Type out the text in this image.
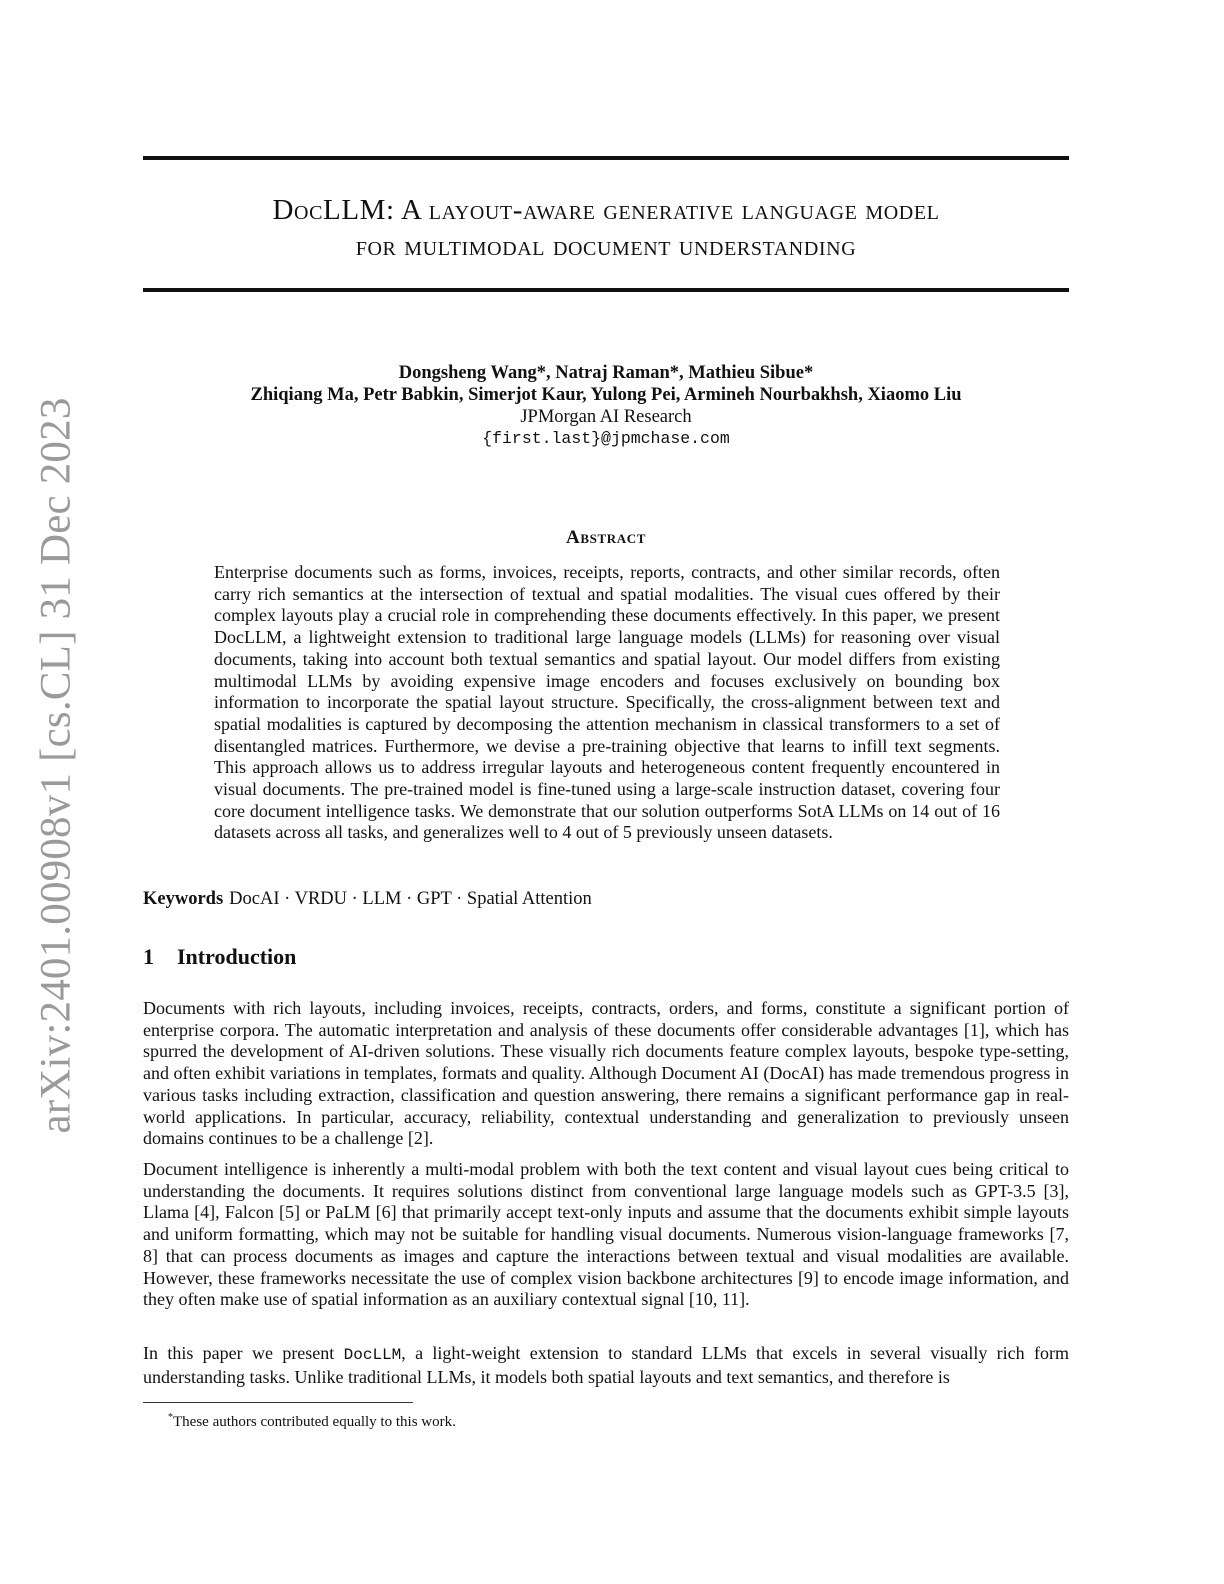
arXiv:2401.00908v1 [cs.CL] 31 Dec 2023
DocLLM: A layout-aware generative language model
for multimodal document understanding
Dongsheng Wang*, Natraj Raman*, Mathieu Sibue*
Zhiqiang Ma, Petr Babkin, Simerjot Kaur, Yulong Pei, Armineh Nourbakhsh, Xiaomo Liu
JPMorgan AI Research
{first.last}@jpmchase.com
Abstract

Enterprise documents such as forms, invoices, receipts, reports, contracts, and other similar records, often carry rich semantics at the intersection of textual and spatial modalities. The visual cues offered by their complex layouts play a crucial role in comprehending these documents effectively. In this paper, we present DocLLM, a lightweight extension to traditional large language models (LLMs) for reasoning over visual documents, taking into account both textual semantics and spatial layout. Our model differs from existing multimodal LLMs by avoiding expensive image encoders and focuses exclusively on bounding box information to incorporate the spatial layout structure. Specifically, the cross-alignment between text and spatial modalities is captured by decomposing the attention mechanism in classical transformers to a set of disentangled matrices. Furthermore, we devise a pre-training objective that learns to infill text segments. This approach allows us to address irregular layouts and heterogeneous content frequently encountered in visual documents. The pre-trained model is fine-tuned using a large-scale instruction dataset, covering four core document intelligence tasks. We demonstrate that our solution outperforms SotA LLMs on 14 out of 16 datasets across all tasks, and generalizes well to 4 out of 5 previously unseen datasets.

Keywords DocAI · VRDU · LLM · GPT · Spatial Attention
1 Introduction

Documents with rich layouts, including invoices, receipts, contracts, orders, and forms, constitute a significant portion of enterprise corpora. The automatic interpretation and analysis of these documents offer considerable advantages [1], which has spurred the development of AI-driven solutions. These visually rich documents feature complex layouts, bespoke type-setting, and often exhibit variations in templates, formats and quality. Although Document AI (DocAI) has made tremendous progress in various tasks including extraction, classification and question answering, there remains a significant performance gap in real-world applications. In particular, accuracy, reliability, contextual understanding and generalization to previously unseen domains continues to be a challenge [2].

Document intelligence is inherently a multi-modal problem with both the text content and visual layout cues being critical to understanding the documents. It requires solutions distinct from conventional large language models such as GPT-3.5 [3], Llama [4], Falcon [5] or PaLM [6] that primarily accept text-only inputs and assume that the documents exhibit simple layouts and uniform formatting, which may not be suitable for handling visual documents. Numerous vision-language frameworks [7, 8] that can process documents as images and capture the interactions between textual and visual modalities are available. However, these frameworks necessitate the use of complex vision backbone architectures [9] to encode image information, and they often make use of spatial information as an auxiliary contextual signal [10, 11].

In this paper we present DocLLM, a light-weight extension to standard LLMs that excels in several visually rich form understanding tasks. Unlike traditional LLMs, it models both spatial layouts and text semantics, and therefore is

*These authors contributed equally to this work.
